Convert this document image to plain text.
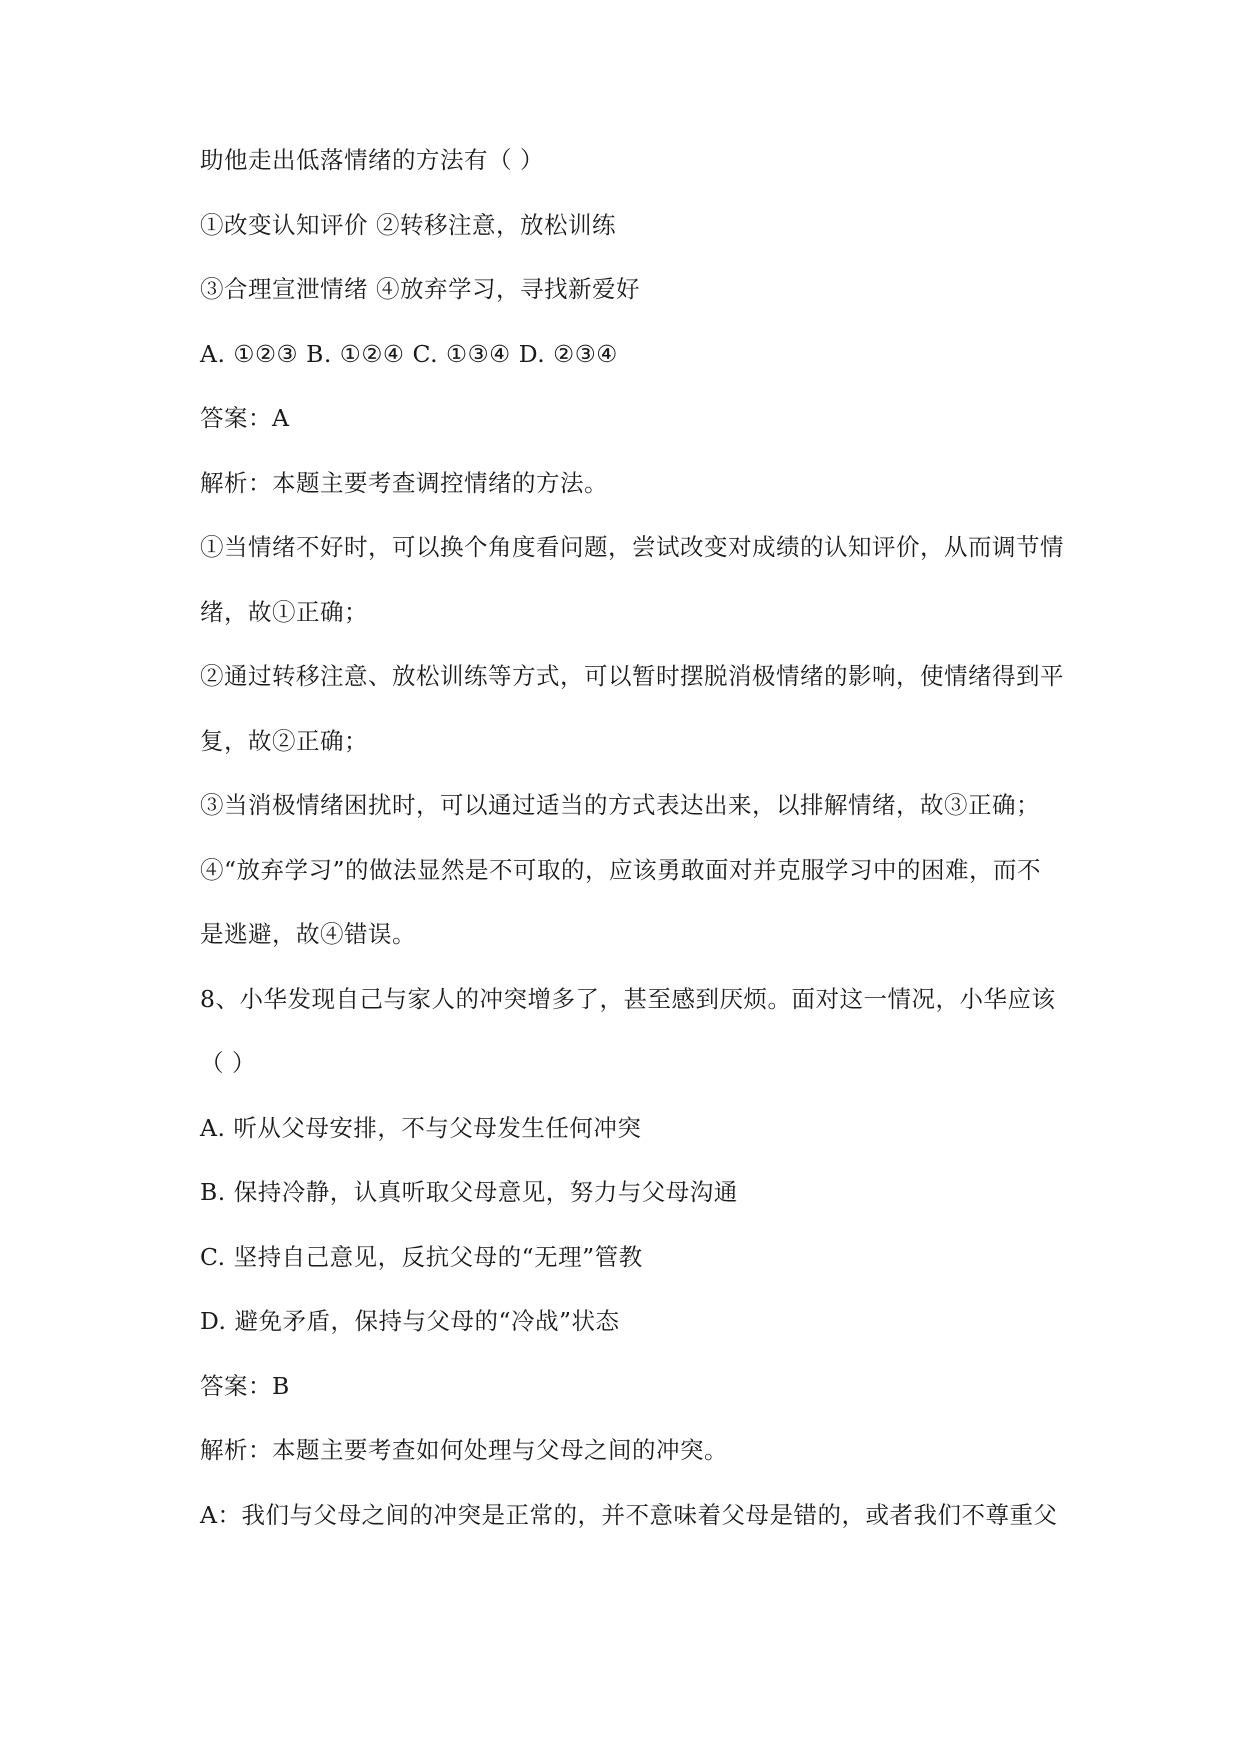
助他走出低落情绪的方法有（ ）
①改变认知评价 ②转移注意，放松训练
③合理宣泄情绪 ④放弃学习，寻找新爱好
A. ①②③ B. ①②④ C. ①③④ D. ②③④
答案：A
解析：本题主要考查调控情绪的方法。
①当情绪不好时，可以换个角度看问题，尝试改变对成绩的认知评价，从而调节情
绪，故①正确；
②通过转移注意、放松训练等方式，可以暂时摆脱消极情绪的影响，使情绪得到平
复，故②正确；
③当消极情绪困扰时，可以通过适当的方式表达出来，以排解情绪，故③正确；
④“放弃学习”的做法显然是不可取的，应该勇敢面对并克服学习中的困难，而不
是逃避，故④错误。
8、小华发现自己与家人的冲突增多了，甚至感到厌烦。面对这一情况，小华应该
（ ）
A. 听从父母安排，不与父母发生任何冲突
B. 保持冷静，认真听取父母意见，努力与父母沟通
C. 坚持自己意见，反抗父母的“无理”管教
D. 避免矛盾，保持与父母的“冷战”状态
答案：B
解析：本题主要考查如何处理与父母之间的冲突。
A：我们与父母之间的冲突是正常的，并不意味着父母是错的，或者我们不尊重父
